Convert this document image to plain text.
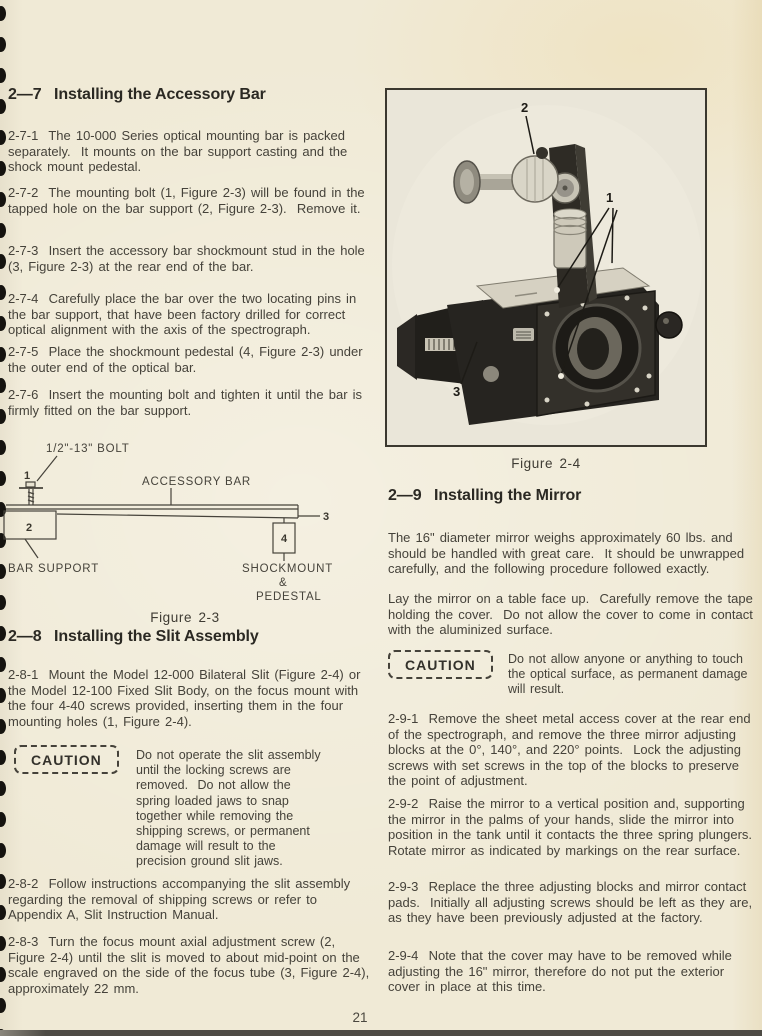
2—7 Installing the Accessory Bar
2-7-1  The 10-000 Series optical mounting bar is packed separately.  It mounts on the bar support casting and the shock mount pedestal.
2-7-2  The mounting bolt (1, Figure 2-3) will be found in the tapped hole on the bar support (2, Figure 2-3).  Remove it.
2-7-3  Insert the accessory bar shockmount stud in the hole (3, Figure 2-3) at the rear end of the bar.
2-7-4  Carefully place the bar over the two locating pins in the bar support, that have been factory drilled for correct optical alignment with the axis of the spectrograph.
2-7-5  Place the shockmount pedestal (4, Figure 2-3) under the outer end of the optical bar.
2-7-6  Insert the mounting bolt and tighten it until the bar is firmly fitted on the bar support.
1/2"-13" BOLT
1	ACCESSORY BAR
2
3
4
BAR SUPPORT	SHOCKMOUNT
&
PEDESTAL
Figure 2-3
2—8 Installing the Slit Assembly
2-8-1  Mount the Model 12-000 Bilateral Slit (Figure 2-4) or the Model 12-100 Fixed Slit Body, on the focus mount with the four 4-40 screws provided, inserting them in the four mounting holes (1, Figure 2-4).
CAUTION	Do not operate the slit assembly until the locking screws are removed.  Do not allow the spring loaded jaws to snap together while removing the shipping screws, or permanent damage will result to the precision ground slit jaws.
2-8-2  Follow instructions accompanying the slit assembly regarding the removal of shipping screws or refer to Appendix A, Slit Instruction Manual.
2-8-3  Turn the focus mount axial adjustment screw (2, Figure 2-4) until the slit is moved to about mid-point on the scale engraved on the side of the focus tube (3, Figure 2-4), approximately 22 mm.
2
1
3
Figure 2-4
2—9 Installing the Mirror
The 16" diameter mirror weighs approximately 60 lbs. and should be handled with great care.  It should be unwrapped carefully, and the following procedure followed exactly.
Lay the mirror on a table face up.  Carefully remove the tape holding the cover.  Do not allow the cover to come in contact with the aluminized surface.
CAUTION	Do not allow anyone or anything to touch the optical surface, as permanent damage will result.
2-9-1  Remove the sheet metal access cover at the rear end of the spectrograph, and remove the three mirror adjusting blocks at the 0°, 140°, and 220° points.  Lock the adjusting screws with set screws in the top of the blocks to preserve the point of adjustment.
2-9-2  Raise the mirror to a vertical position and, supporting the mirror in the palms of your hands, slide the mirror into position in the tank until it contacts the three spring plungers.  Rotate mirror as indicated by markings on the rear surface.
2-9-3  Replace the three adjusting blocks and mirror contact pads.  Initially all adjusting screws should be left as they are, as they have been previously adjusted at the factory.
2-9-4  Note that the cover may have to be removed while adjusting the 16" mirror, therefore do not put the exterior cover in place at this time.
21
